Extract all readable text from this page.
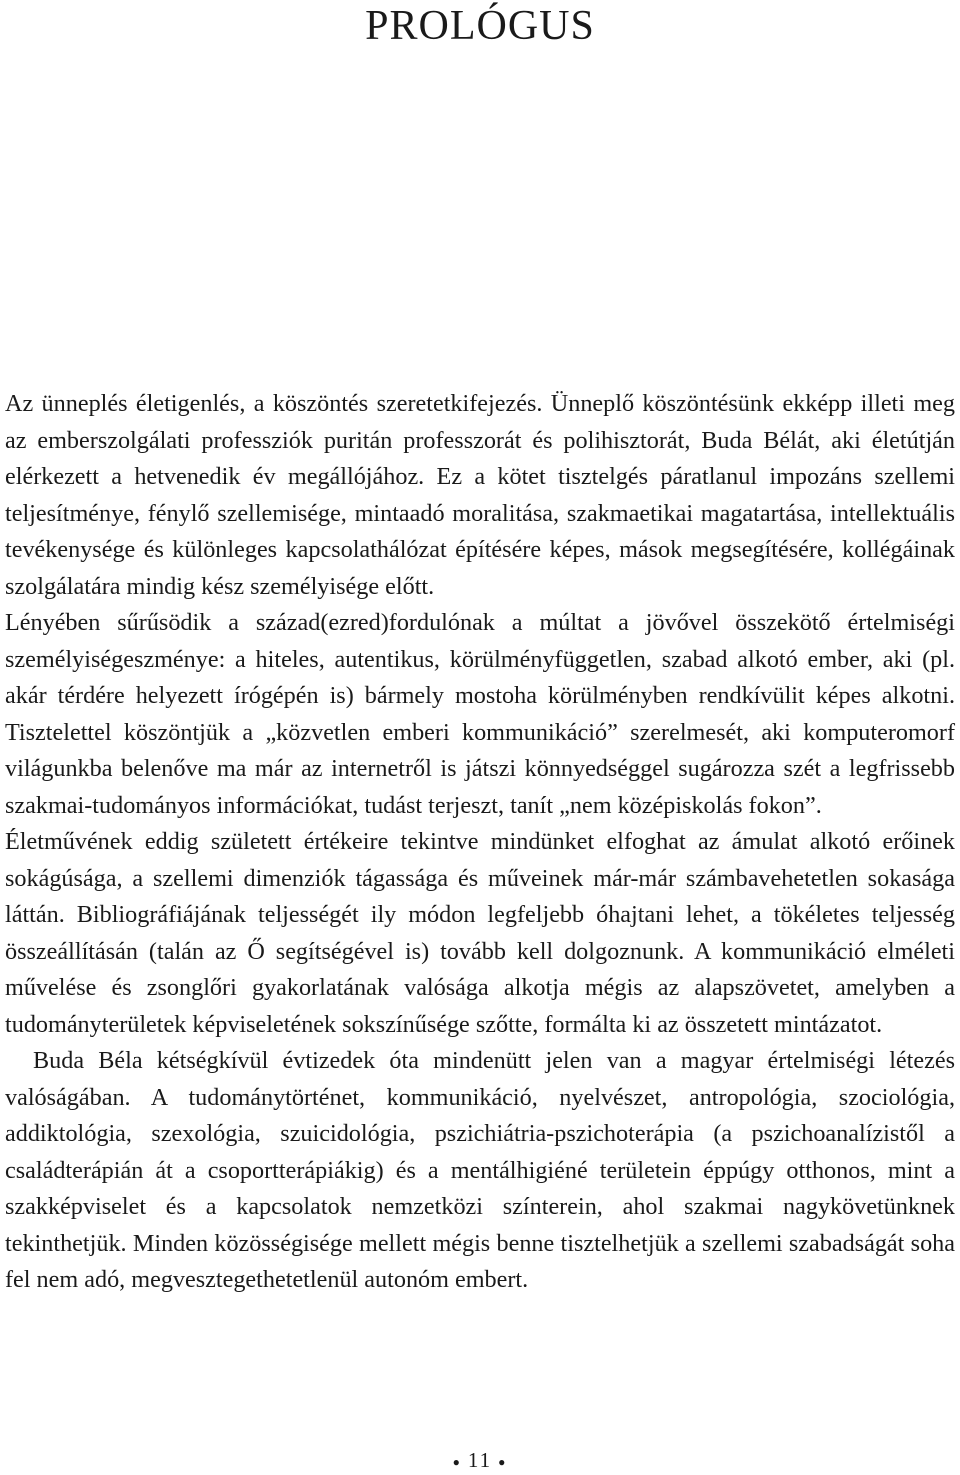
PROLÓGUS

Az ünneplés életigenlés, a köszöntés szeretetkifejezés. Ünneplő köszöntésünk ekképp illeti meg az emberszolgálati professziók puritán professzorát és polihisztorát, Buda Bélát, aki életútján elérkezett a hetvenedik év megállójához. Ez a kötet tisztelgés páratlanul impozáns szellemi teljesítménye, fénylő szellemisége, mintaadó moralitása, szakmaetikai magatartása, intellektuális tevékenysége és különleges kapcsolathálózat építésére képes, mások megsegítésére, kollégáinak szolgálatára mindig kész személyisége előtt.

Lényében sűrűsödik a század(ezred)fordulónak a múltat a jövővel összekötő értelmiségi személyiségeszménye: a hiteles, autentikus, körülményfüggetlen, szabad alkotó ember, aki (pl. akár térdére helyezett írógépén is) bármely mostoha körülményben rendkívülit képes alkotni. Tisztelettel köszöntjük a „közvetlen emberi kommunikáció” szerelmesét, aki komputeromorf világunkba belenőve ma már az internetről is játszi könnyedséggel sugározza szét a legfrissebb szakmai-tudományos információkat, tudást terjeszt, tanít „nem középiskolás fokon”.

Életművének eddig született értékeire tekintve mindünket elfoghat az ámulat alkotó erőinek sokágúsága, a szellemi dimenziók tágassága és műveinek már-már számbavehetetlen sokasága láttán. Bibliográfiájának teljességét ily módon legfeljebb óhajtani lehet, a tökéletes teljesség összeállításán (talán az Ő segítségével is) tovább kell dolgoznunk. A kommunikáció elméleti művelése és zsonglőri gyakorlatának valósága alkotja mégis az alapszövetet, amelyben a tudományterületek képviseletének sokszínűsége szőtte, formálta ki az összetett mintázatot.

Buda Béla kétségkívül évtizedek óta mindenütt jelen van a magyar értelmiségi létezés valóságában. A tudománytörténet, kommunikáció, nyelvészet, antropológia, szociológia, addiktológia, szexológia, szuicidológia, pszichiátria-pszichoterápia (a pszichoanalízistől a családterápián át a csoportterápiákig) és a mentálhigiéné területein éppúgy otthonos, mint a szakképviselet és a kapcsolatok nemzetközi színterein, ahol szakmai nagykövetünknek tekinthetjük. Minden közösségisége mellett mégis benne tisztelhetjük a szellemi szabadságát soha fel nem adó, megvesztegethetetlenül autonóm embert.

● 11 ●
